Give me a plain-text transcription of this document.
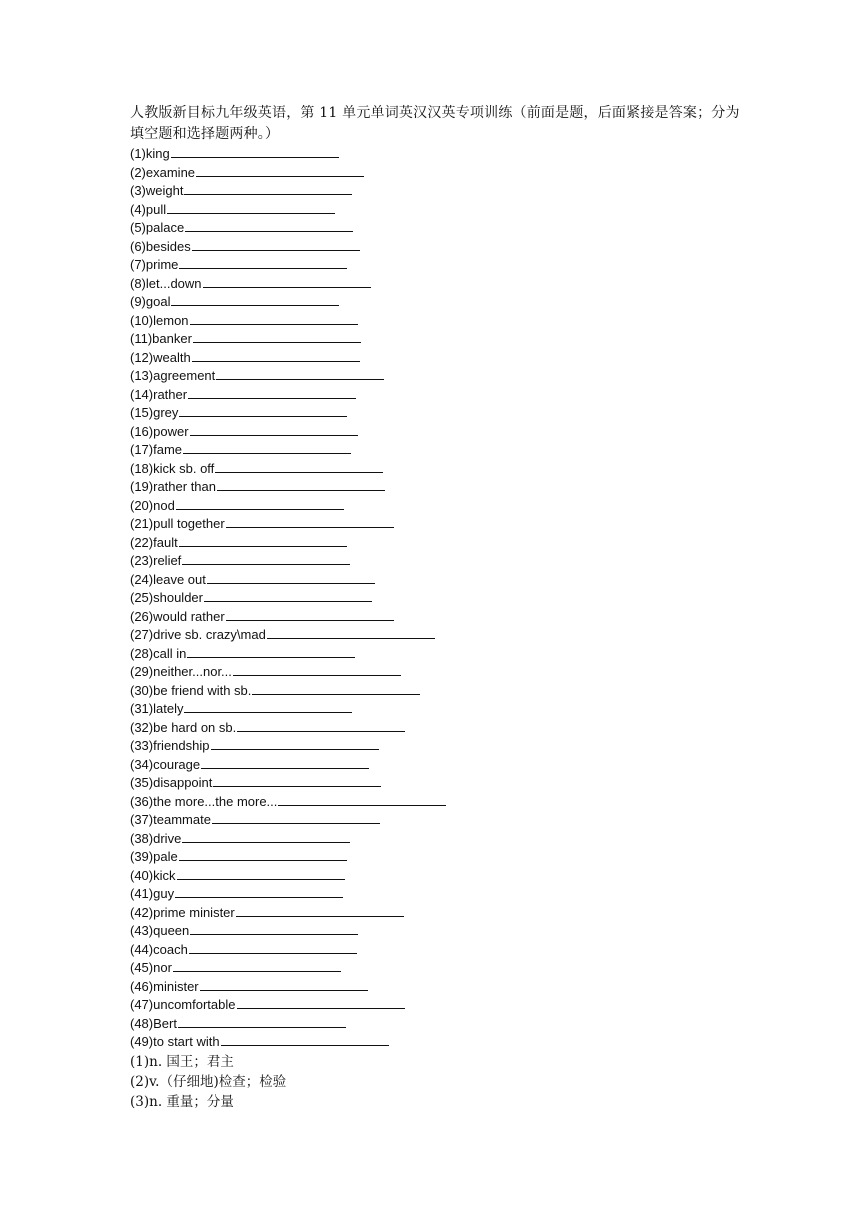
人教版新目标九年级英语，第 11 单元单词英汉汉英专项训练（前面是题，后面紧接是答案；分为填空题和选择题两种。）
(1)king
(2)examine
(3)weight
(4)pull
(5)palace
(6)besides
(7)prime
(8)let...down
(9)goal
(10)lemon
(11)banker
(12)wealth
(13)agreement
(14)rather
(15)grey
(16)power
(17)fame
(18)kick sb. off
(19)rather than
(20)nod
(21)pull together
(22)fault
(23)relief
(24)leave out
(25)shoulder
(26)would rather
(27)drive sb. crazy\mad
(28)call in
(29)neither...nor...
(30)be friend with sb.
(31)lately
(32)be hard on sb.
(33)friendship
(34)courage
(35)disappoint
(36)the more...the more...
(37)teammate
(38)drive
(39)pale
(40)kick
(41)guy
(42)prime minister
(43)queen
(44)coach
(45)nor
(46)minister
(47)uncomfortable
(48)Bert
(49)to start with
(1)n. 国王；君主
(2)v.（仔细地)检查；检验
(3)n. 重量；分量
